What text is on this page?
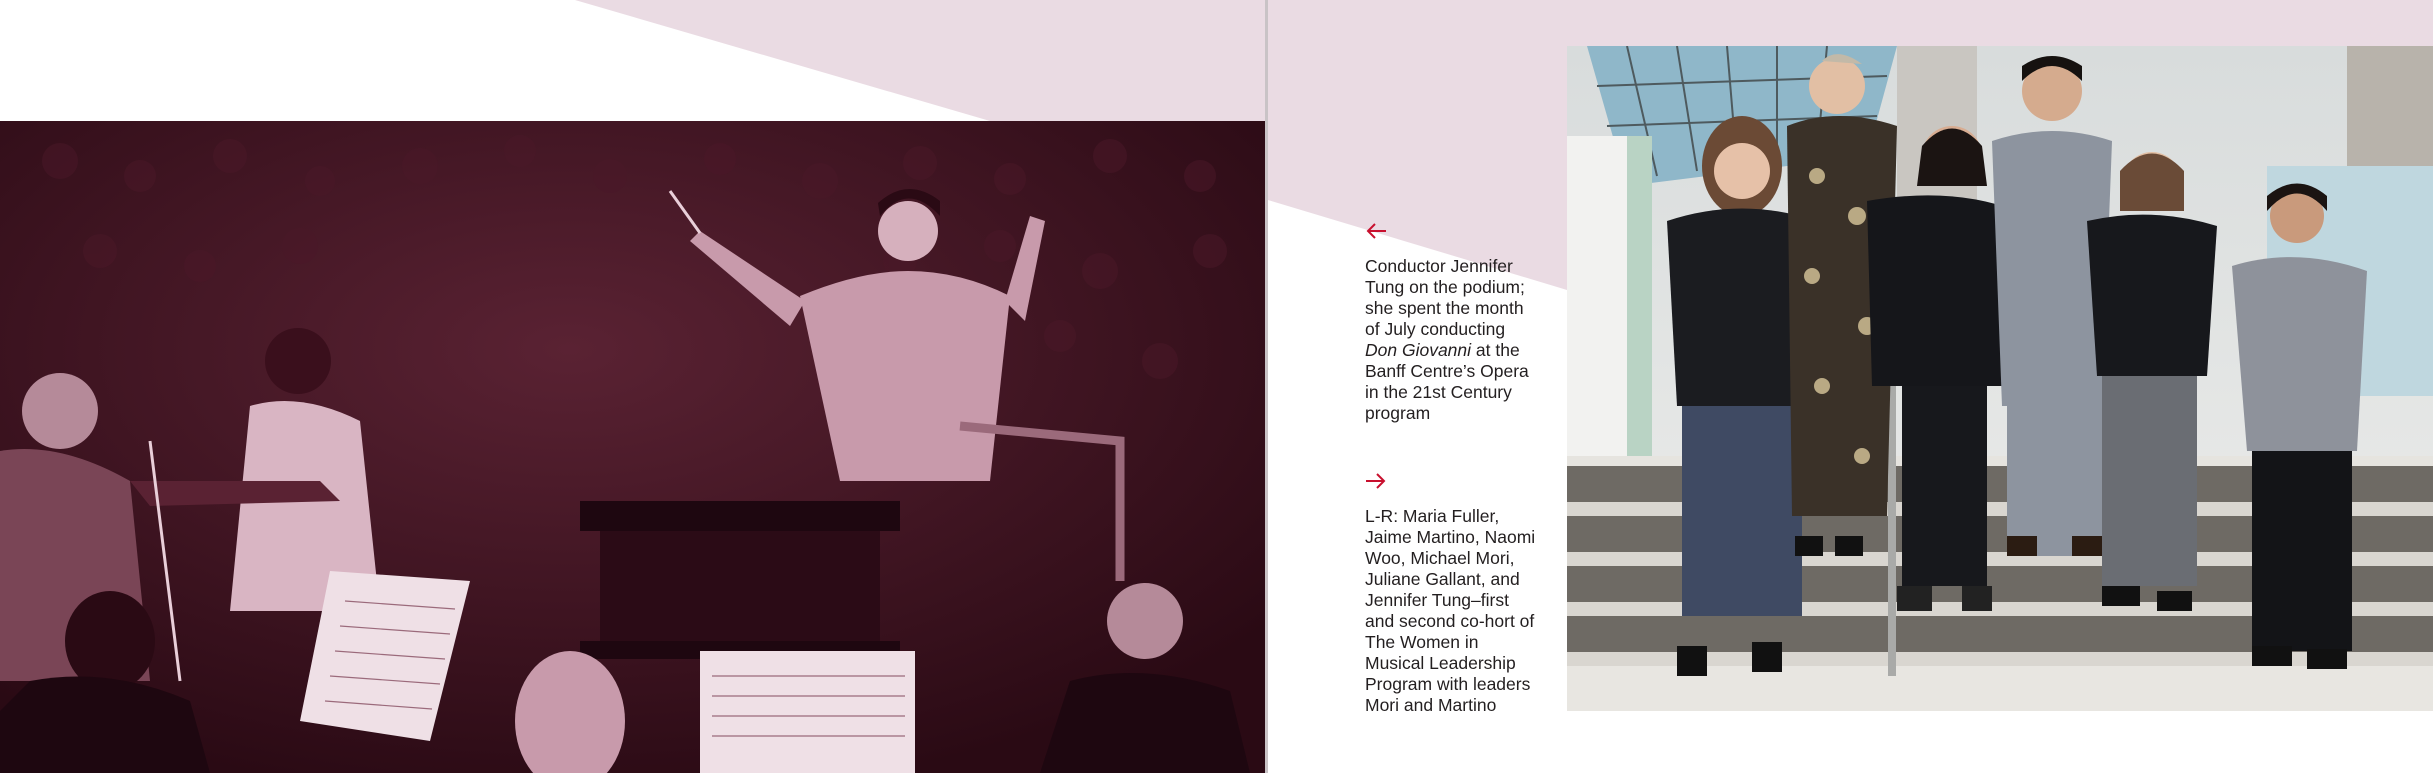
Conductor Jennifer Tung on the podium; she spent the month of July conducting Don Giovanni at the Banff Centre’s Opera in the 21st Century program

L-R: Maria Fuller, Jaime Martino, Naomi Woo, Michael Mori, Juliane Gallant, and Jennifer Tung–first and second co-hort of The Women in Musical Leadership Program with leaders Mori and Martino
